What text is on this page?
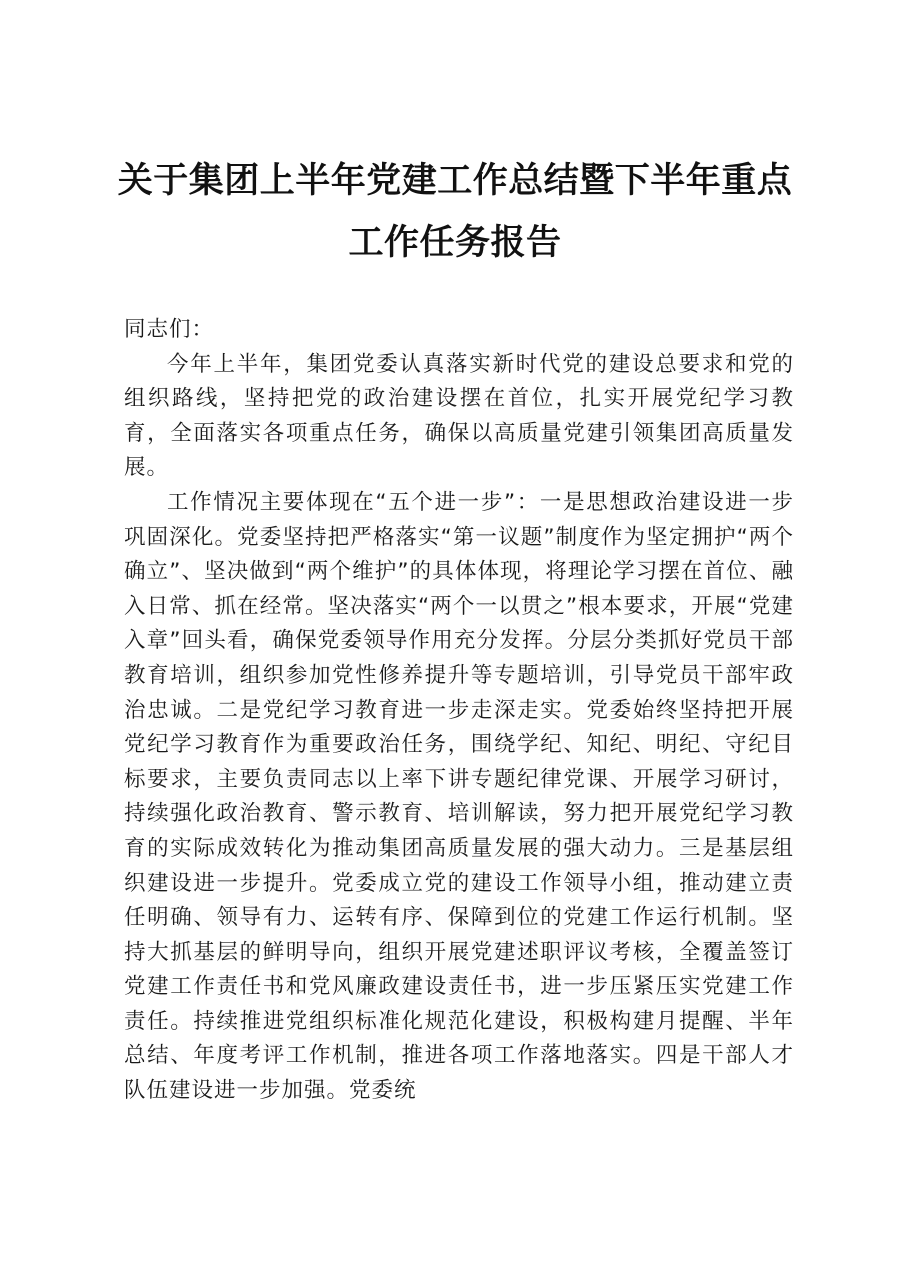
关于集团上半年党建工作总结暨下半年重点工作任务报告

同志们：

今年上半年，集团党委认真落实新时代党的建设总要求和党的组织路线，坚持把党的政治建设摆在首位，扎实开展党纪学习教育，全面落实各项重点任务，确保以高质量党建引领集团高质量发展。

工作情况主要体现在“五个进一步”：一是思想政治建设进一步巩固深化。党委坚持把严格落实“第一议题”制度作为坚定拥护“两个确立”、坚决做到“两个维护”的具体体现，将理论学习摆在首位、融入日常、抓在经常。坚决落实“两个一以贯之”根本要求，开展“党建入章”回头看，确保党委领导作用充分发挥。分层分类抓好党员干部教育培训，组织参加党性修养提升等专题培训，引导党员干部牢政治忠诚。二是党纪学习教育进一步走深走实。党委始终坚持把开展党纪学习教育作为重要政治任务，围绕学纪、知纪、明纪、守纪目标要求，主要负责同志以上率下讲专题纪律党课、开展学习研讨，持续强化政治教育、警示教育、培训解读，努力把开展党纪学习教育的实际成效转化为推动集团高质量发展的强大动力。三是基层组织建设进一步提升。党委成立党的建设工作领导小组，推动建立责任明确、领导有力、运转有序、保障到位的党建工作运行机制。坚持大抓基层的鲜明导向，组织开展党建述职评议考核，全覆盖签订党建工作责任书和党风廉政建设责任书，进一步压紧压实党建工作责任。持续推进党组织标准化规范化建设，积极构建月提醒、半年总结、年度考评工作机制，推进各项工作落地落实。四是干部人才队伍建设进一步加强。党委统
